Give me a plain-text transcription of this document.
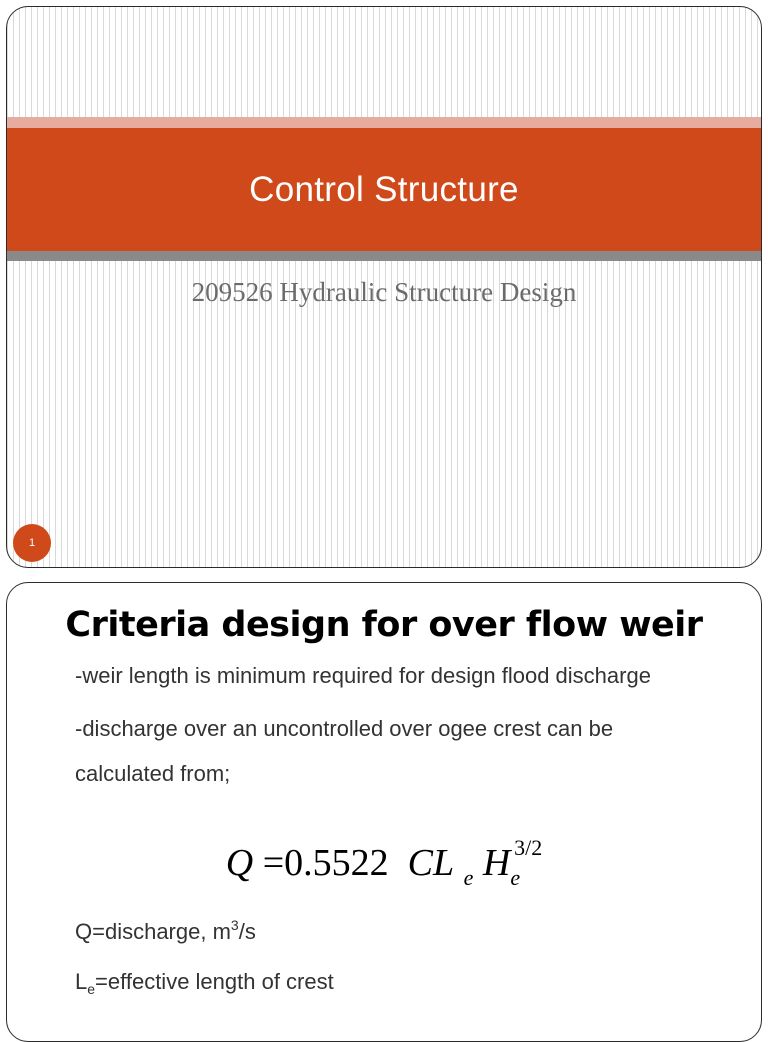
Control Structure
209526 Hydraulic Structure Design
1
Criteria design for over flow weir
-weir length is minimum required for design flood discharge
-discharge over an uncontrolled over ogee crest can be
calculated from;
Q =0.5522 CL $_e$ $H_e^{3/2}$
Q=discharge, $m^3/s$
$L_e=effective$ length of crest
